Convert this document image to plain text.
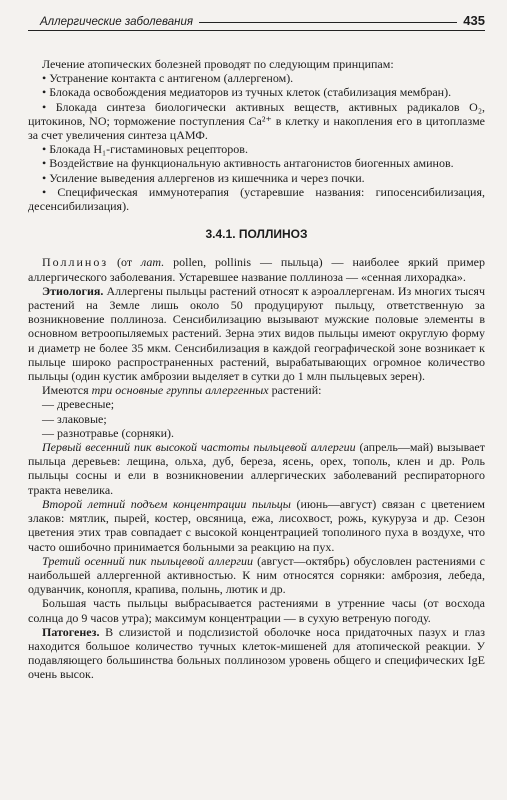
Аллергические заболевания	435

Лечение атопических болезней проводят по следующим принципам:

• Устранение контакта с антигеном (аллергеном).

• Блокада освобождения медиаторов из тучных клеток (стабилизация мембран).

• Блокада синтеза биологически активных веществ, активных радикалов О₂, цитокинов, NO; торможение поступления Ca²⁺ в клетку и накопления его в цитоплазме за счет увеличения синтеза цАМФ.

• Блокада H₁-гистаминовых рецепторов.

• Воздействие на функциональную активность антагонистов биогенных аминов.

• Усиление выведения аллергенов из кишечника и через почки.

• Специфическая иммунотерапия (устаревшие названия: гипосенсибилизация, десенсибилизация).

3.4.1. ПОЛЛИНОЗ

Поллиноз (от лат. pollen, pollinis — пыльца) — наиболее яркий пример аллергического заболевания. Устаревшее название поллиноза — «сенная лихорадка».

Этиология. Аллергены пыльцы растений относят к аэроаллергенам. Из многих тысяч растений на Земле лишь около 50 продуцируют пыльцу, ответственную за возникновение поллиноза. Сенсибилизацию вызывают мужские половые элементы в основном ветроопыляемых растений. Зерна этих видов пыльцы имеют округлую форму и диаметр не более 35 мкм. Сенсибилизация в каждой географической зоне возникает к пыльце широко распространенных растений, вырабатывающих огромное количество пыльцы (один кустик амброзии выделяет в сутки до 1 млн пыльцевых зерен).

Имеются три основные группы аллергенных растений:

— древесные;

— злаковые;

— разнотравье (сорняки).

Первый весенний пик высокой частоты пыльцевой аллергии (апрель—май) вызывает пыльца деревьев: лещина, ольха, дуб, береза, ясень, орех, тополь, клен и др. Роль пыльцы сосны и ели в возникновении аллергических заболеваний респираторного тракта невелика.

Второй летний подъем концентрации пыльцы (июнь—август) связан с цветением злаков: мятлик, пырей, костер, овсяница, ежа, лисохвост, рожь, кукуруза и др. Сезон цветения этих трав совпадает с высокой концентрацией тополиного пуха в воздухе, что часто ошибочно принимается больными за реакцию на пух.

Третий осенний пик пыльцевой аллергии (август—октябрь) обусловлен растениями с наибольшей аллергенной активностью. К ним относятся сорняки: амброзия, лебеда, одуванчик, конопля, крапива, полынь, лютик и др.

Большая часть пыльцы выбрасывается растениями в утренние часы (от восхода солнца до 9 часов утра); максимум концентрации — в сухую ветреную погоду.

Патогенез. В слизистой и подслизистой оболочке носа придаточных пазух и глаз находится большое количество тучных клеток-мишеней для атопической реакции. У подавляющего большинства больных поллинозом уровень общего и специфических IgE очень высок.
